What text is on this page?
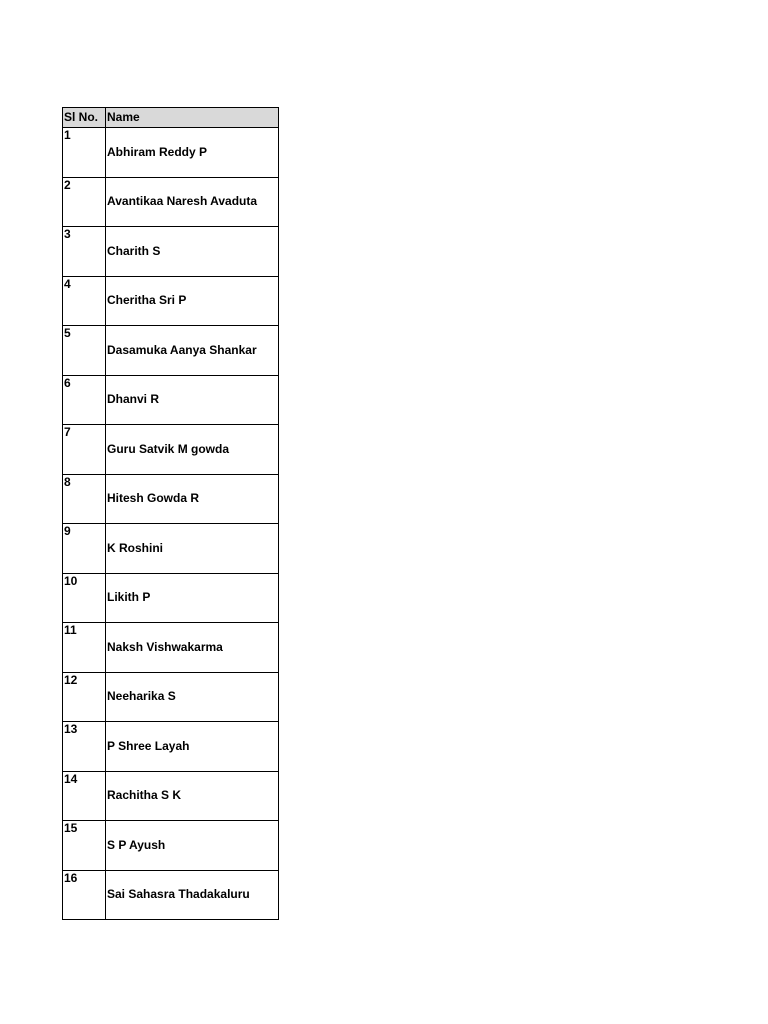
Sl No.	Name
1	Abhiram Reddy P
2	Avantikaa Naresh Avaduta
3	Charith S
4	Cheritha Sri P
5	Dasamuka Aanya Shankar
6	Dhanvi R
7	Guru Satvik M gowda
8	Hitesh Gowda R
9	K Roshini
10	Likith P
11	Naksh Vishwakarma
12	Neeharika S
13	P Shree Layah
14	Rachitha S K
15	S P Ayush
16	Sai Sahasra Thadakaluru
